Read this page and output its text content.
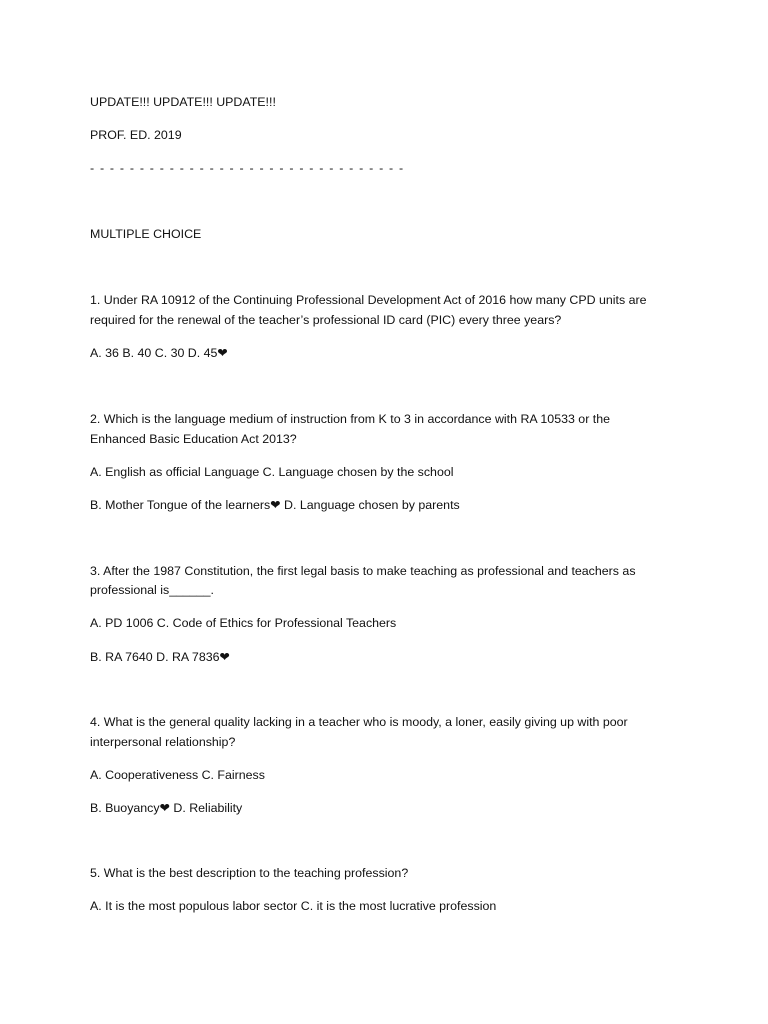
UPDATE!!! UPDATE!!! UPDATE!!!
PROF. ED. 2019
- - - - - - - - - - - - - - - - - - - - - - - - - - - - - - - -
MULTIPLE CHOICE
1. Under RA 10912 of the Continuing Professional Development Act of 2016 how many CPD units are
required for the renewal of the teacher’s professional ID card (PIC) every three years?
A. 36 B. 40 C. 30 D. 45❤
2. Which is the language medium of instruction from K to 3 in accordance with RA 10533 or the
Enhanced Basic Education Act 2013?
A. English as official Language C. Language chosen by the school
B. Mother Tongue of the learners❤ D. Language chosen by parents
3. After the 1987 Constitution, the first legal basis to make teaching as professional and teachers as
professional is______.
A. PD 1006 C. Code of Ethics for Professional Teachers
B. RA 7640 D. RA 7836❤
4. What is the general quality lacking in a teacher who is moody, a loner, easily giving up with poor
interpersonal relationship?
A. Cooperativeness C. Fairness
B. Buoyancy❤ D. Reliability
5. What is the best description to the teaching profession?
A. It is the most populous labor sector C. it is the most lucrative profession
